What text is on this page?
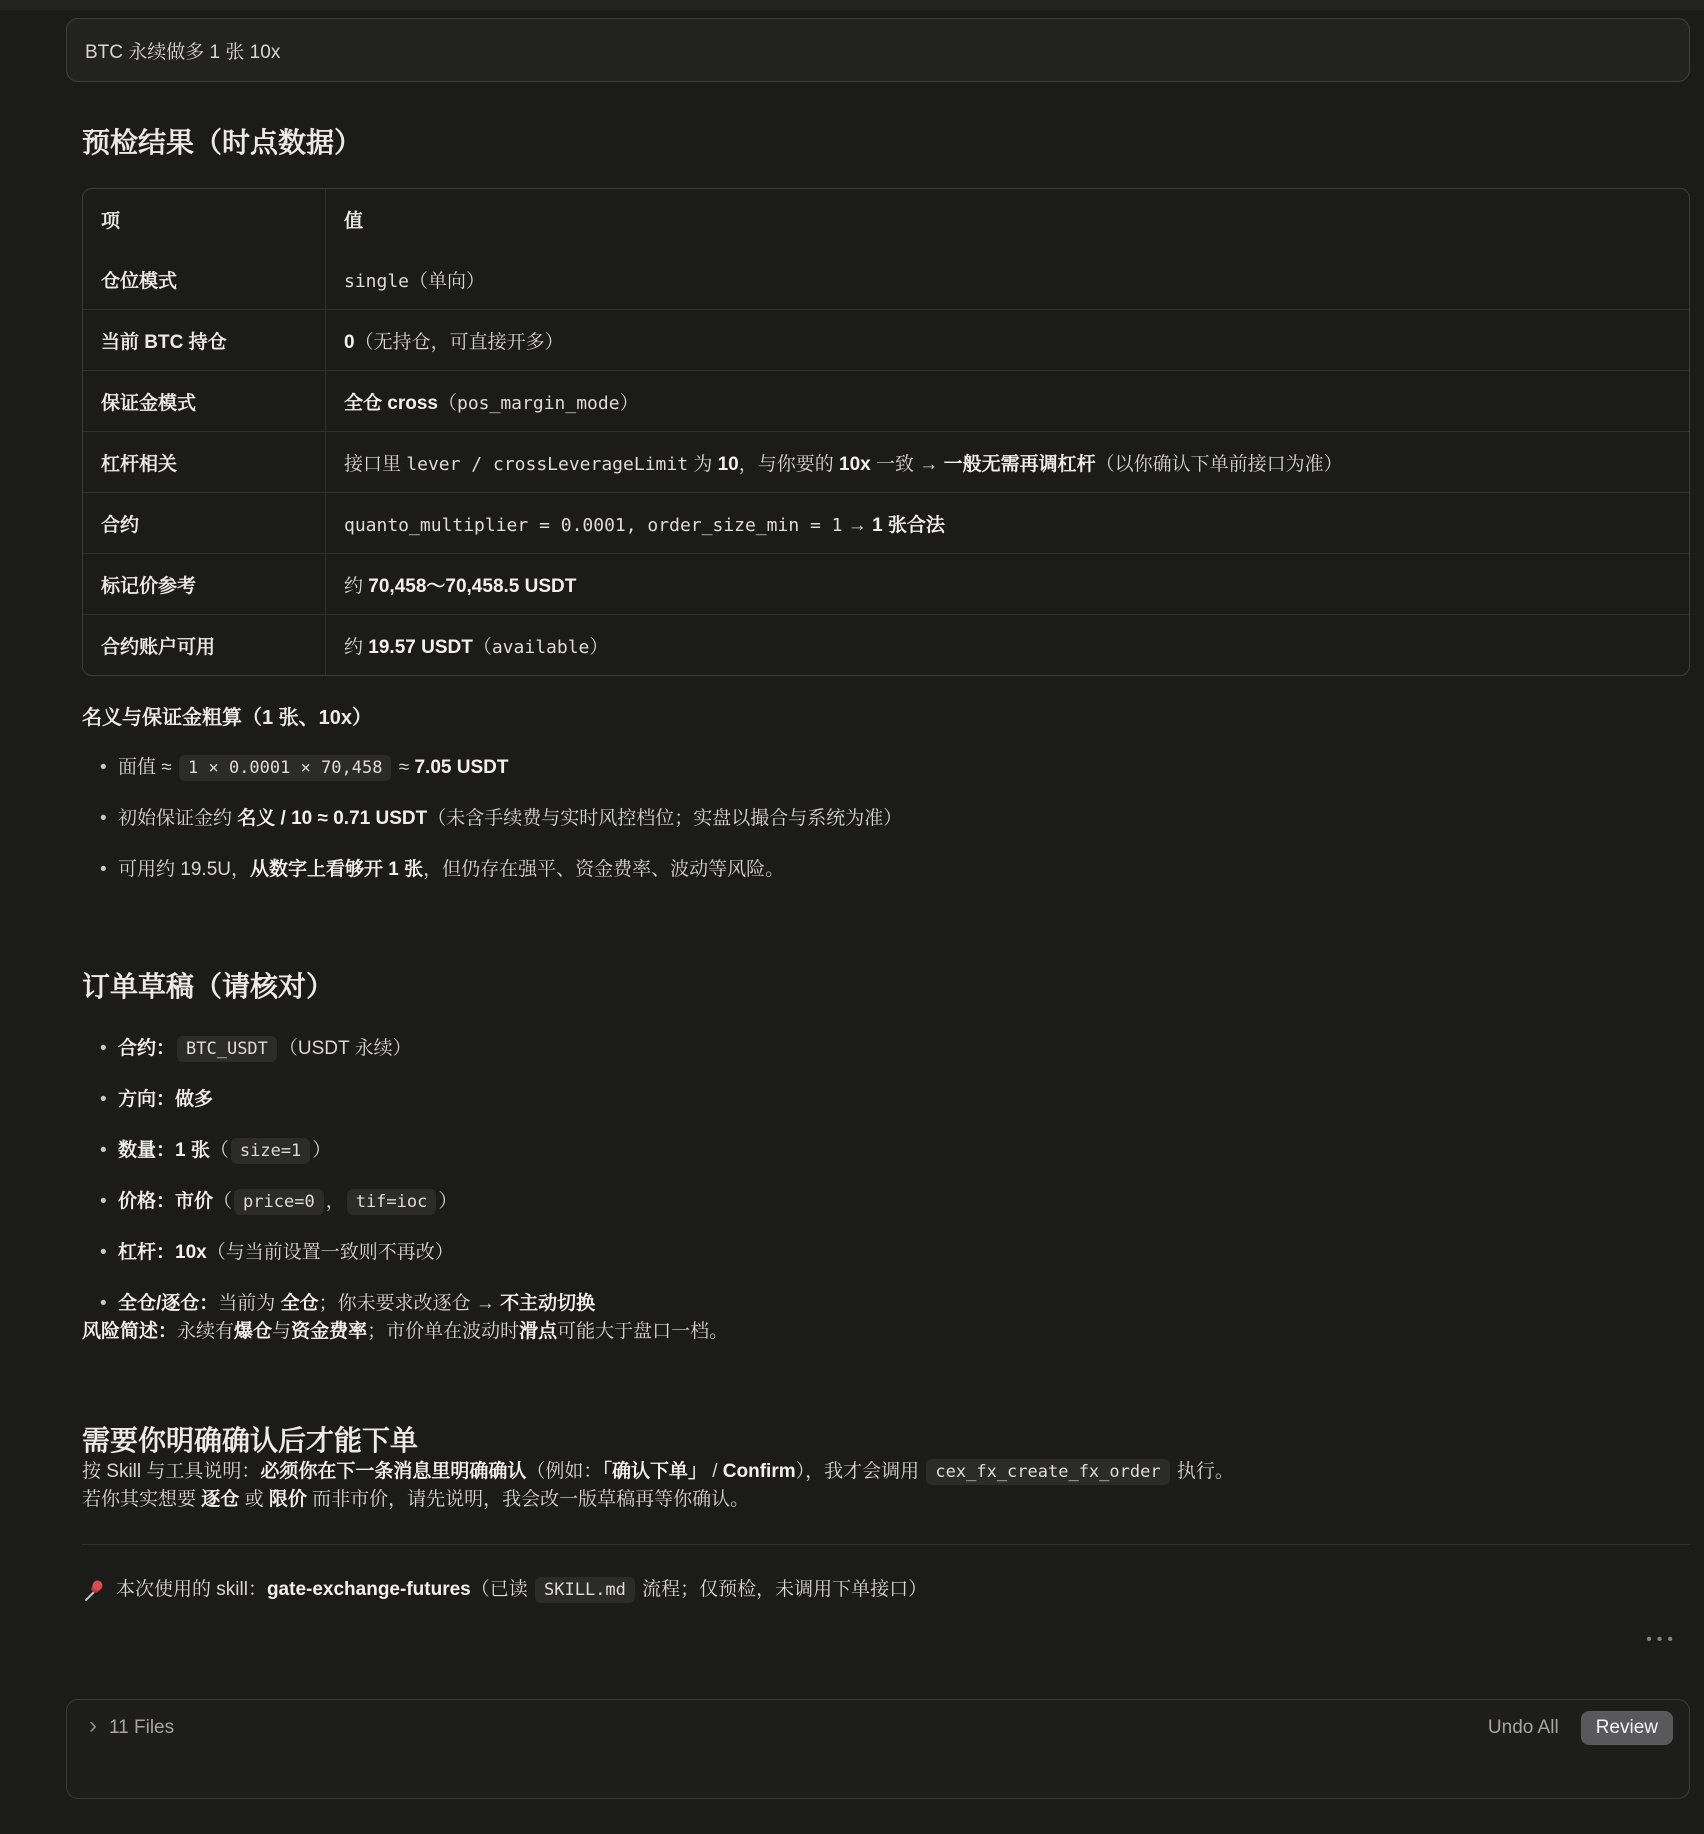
BTC 永续做多 1 张 10x
预检结果（时点数据）
项	值
仓位模式	single（单向）
当前 BTC 持仓	0（无持仓，可直接开多）
保证金模式	全仓 cross（pos_margin_mode）
杠杆相关	接口里 lever / crossLeverageLimit 为 10，与你要的 10x 一致 → 一般无需再调杠杆（以你确认下单前接口为准）
合约	quanto_multiplier = 0.0001, order_size_min = 1 → 1 张合法
标记价参考	约 70,458～70,458.5 USDT
合约账户可用	约 19.57 USDT（available）
名义与保证金粗算（1 张、10x）
• 面值 ≈ 1 × 0.0001 × 70,458 ≈ 7.05 USDT
• 初始保证金约 名义 / 10 ≈ 0.71 USDT（未含手续费与实时风控档位；实盘以撮合与系统为准）
• 可用约 19.5U，从数字上看够开 1 张，但仍存在强平、资金费率、波动等风险。
订单草稿（请核对）
• 合约： BTC_USDT （USDT 永续）
• 方向：做多
• 数量：1 张（ size=1 ）
• 价格：市价（ price=0 ， tif=ioc ）
• 杠杆：10x（与当前设置一致则不再改）
• 全仓/逐仓：当前为 全仓；你未要求改逐仓 → 不主动切换

风险简述：永续有爆仓与资金费率；市价单在波动时滑点可能大于盘口一档。

需要你明确确认后才能下单

按 Skill 与工具说明：必须你在下一条消息里明确确认（例如：「确认下单」 / Confirm），我才会调用 cex_fx_create_fx_order 执行。

若你其实想要 逐仓 或 限价 而非市价，请先说明，我会改一版草稿再等你确认。

本次使用的 skill：gate-exchange-futures（已读 SKILL.md 流程；仅预检，未调用下单接口）
•••
› 11 Files	Undo All	Review
